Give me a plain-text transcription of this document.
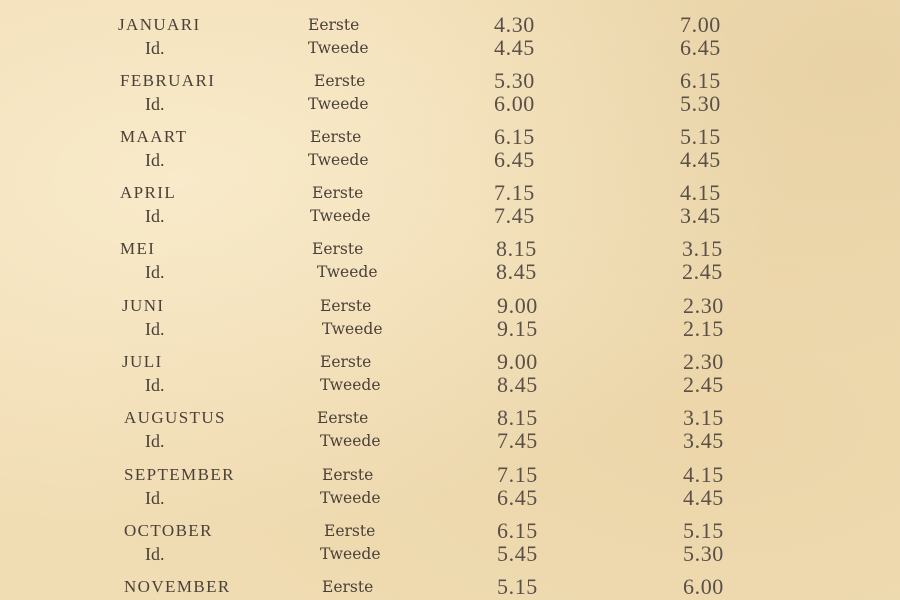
JANUARI	Eerste	4.30	7.00
Id.	Tweede	4.45	6.45
FEBRUARI	Eerste	5.30	6.15
Id.	Tweede	6.00	5.30
MAART	Eerste	6.15	5.15
Id.	Tweede	6.45	4.45
APRIL	Eerste	7.15	4.15
Id.	Tweede	7.45	3.45
MEI	Eerste	8.15	3.15
Id.	Tweede	8.45	2.45
JUNI	Eerste	9.00	2.30
Id.	Tweede	9.15	2.15
JULI	Eerste	9.00	2.30
Id.	Tweede	8.45	2.45
AUGUSTUS	Eerste	8.15	3.15
Id.	Tweede	7.45	3.45
SEPTEMBER	Eerste	7.15	4.15
Id.	Tweede	6.45	4.45
OCTOBER	Eerste	6.15	5.15
Id.	Tweede	5.45	5.30
NOVEMBER	Eerste	5.15	6.00
